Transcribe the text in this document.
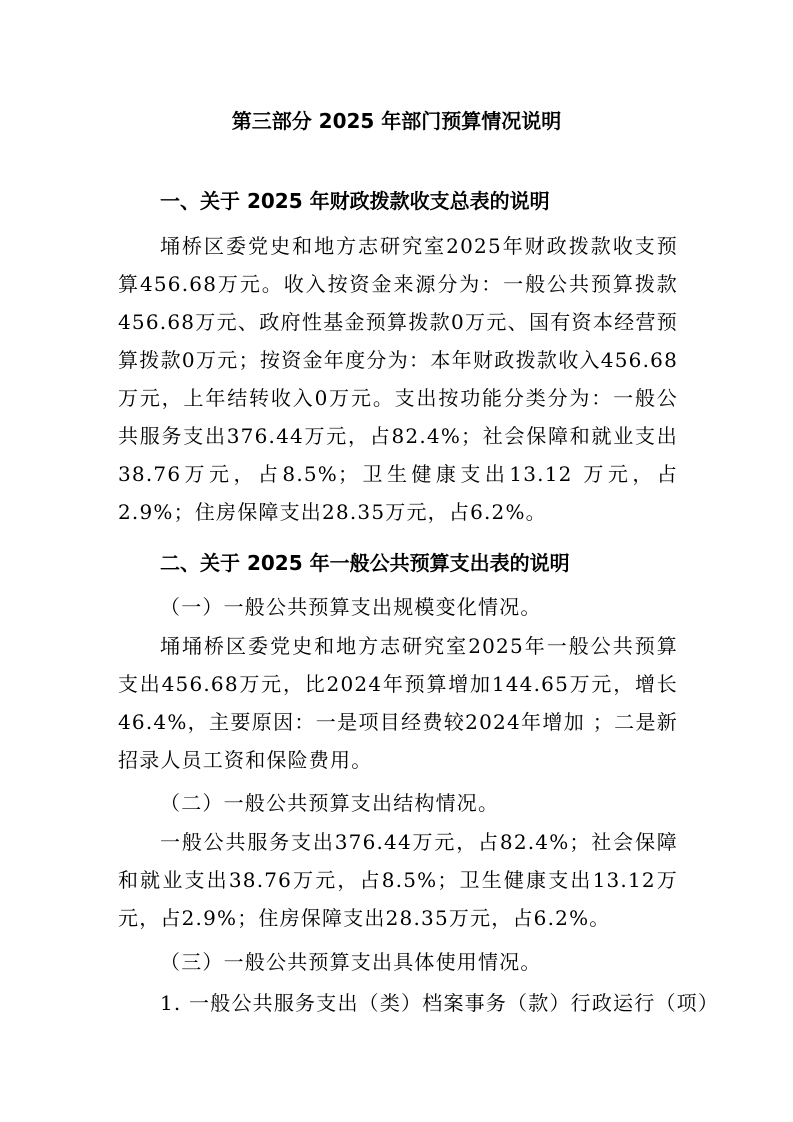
第三部分 2025 年部门预算情况说明
一、关于 2025 年财政拨款收支总表的说明
埇桥区委党史和地方志研究室2025年财政拨款收支预算456.68万元。收入按资金来源分为：一般公共预算拨款456.68万元、政府性基金预算拨款0万元、国有资本经营预算拨款0万元；按资金年度分为：本年财政拨款收入456.68万元，上年结转收入0万元。支出按功能分类分为：一般公共服务支出376.44万元，占82.4%；社会保障和就业支出38.76万元，占8.5%；卫生健康支出13.12 万元，占2.9%；住房保障支出28.35万元，占6.2%。
二、关于 2025 年一般公共预算支出表的说明
（一）一般公共预算支出规模变化情况。
埇埇桥区委党史和地方志研究室2025年一般公共预算支出456.68万元，比2024年预算增加144.65万元，增长46.4%，主要原因：一是项目经费较2024年增加 ；二是新招录人员工资和保险费用。
（二）一般公共预算支出结构情况。
一般公共服务支出376.44万元，占82.4%；社会保障和就业支出38.76万元，占8.5%；卫生健康支出13.12万元，占2.9%；住房保障支出28.35万元，占6.2%。
（三）一般公共预算支出具体使用情况。
1. 一般公共服务支出（类）档案事务（款）行政运行（项）
